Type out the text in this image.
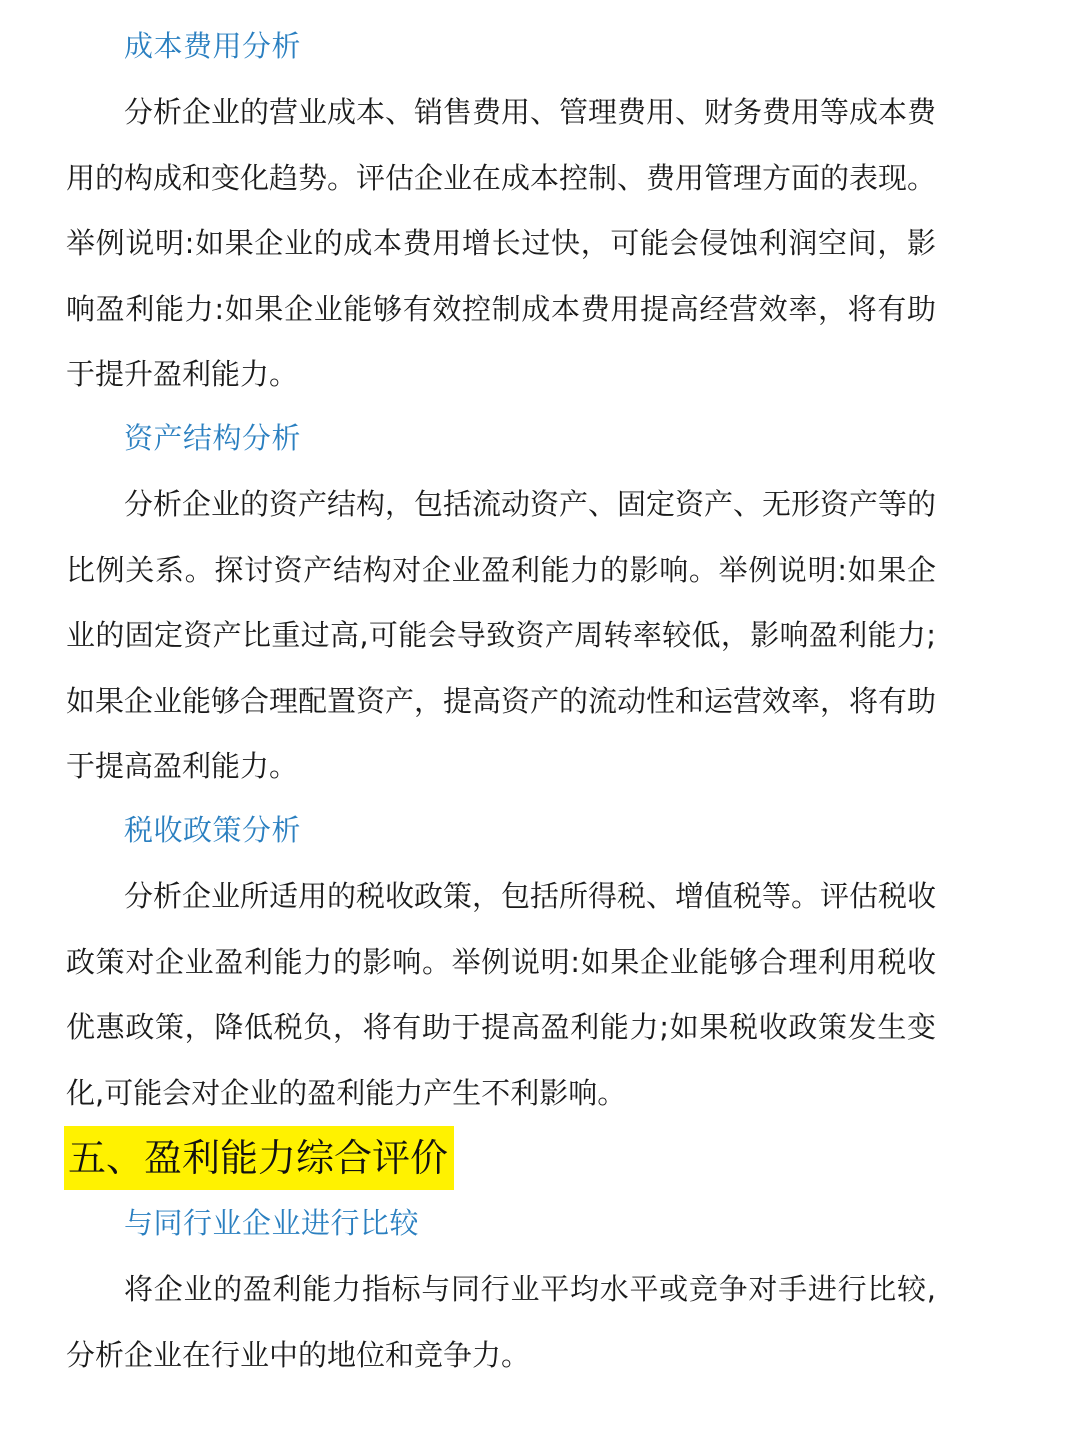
成本费用分析

分析企业的营业成本、销售费用、管理费用、财务费用等成本费用的构成和变化趋势。评估企业在成本控制、费用管理方面的表现。举例说明:如果企业的成本费用增长过快，可能会侵蚀利润空间，影响盈利能力:如果企业能够有效控制成本费用提高经营效率，将有助于提升盈利能力。

资产结构分析

分析企业的资产结构，包括流动资产、固定资产、无形资产等的比例关系。探讨资产结构对企业盈利能力的影响。举例说明:如果企业的固定资产比重过高,可能会导致资产周转率较低，影响盈利能力;如果企业能够合理配置资产，提高资产的流动性和运营效率，将有助于提高盈利能力。

税收政策分析

分析企业所适用的税收政策，包括所得税、增值税等。评估税收政策对企业盈利能力的影响。举例说明:如果企业能够合理利用税收优惠政策，降低税负，将有助于提高盈利能力;如果税收政策发生变化,可能会对企业的盈利能力产生不利影响。

五、盈利能力综合评价
与同行业企业进行比较

将企业的盈利能力指标与同行业平均水平或竞争对手进行比较,分析企业在行业中的地位和竞争力。
